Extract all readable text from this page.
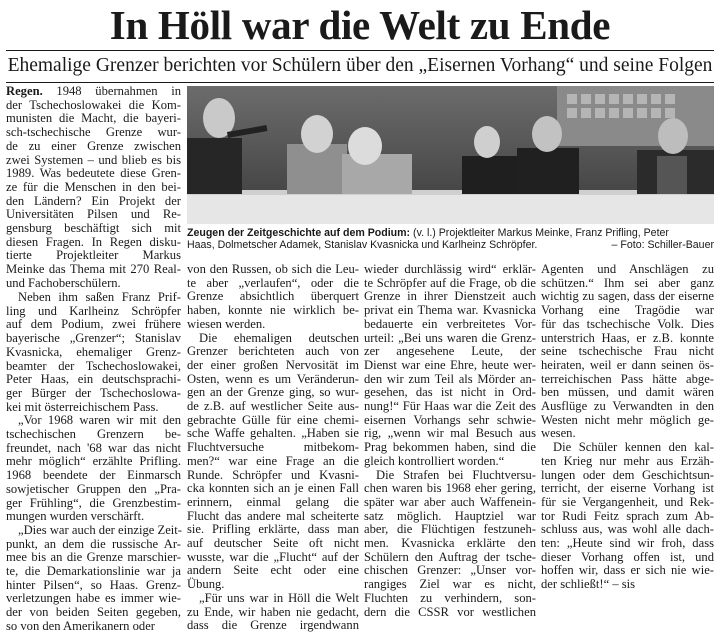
In Höll war die Welt zu Ende
Ehemalige Grenzer berichten vor Schülern über den „Eisernen Vorhang“ und seine Folgen
Zeugen der Zeitgeschichte auf dem Podium: (v. l.) Projektleiter Markus Meinke, Franz Prifling, Peter
Haas, Dolmetscher Adamek, Stanislav Kvasnicka und Karlheinz Schröpfer.	– Foto: Schiller-Bauer
Regen. 1948 übernahmen in
der Tschechoslowakei die Kom-
munisten die Macht, die bayeri-
sch-tschechische Grenze wur-
de zu einer Grenze zwischen
zwei Systemen – und blieb es bis
1989. Was bedeutete diese Gren-
ze für die Menschen in den bei-
den Ländern? Ein Projekt der
Universitäten Pilsen und Re-
gensburg beschäftigt sich mit
diesen Fragen. In Regen disku-
tierte Projektleiter Markus
Meinke das Thema mit 270 Real-
und Fachoberschülern.
Neben ihm saßen Franz Prif-
ling und Karlheinz Schröpfer
auf dem Podium, zwei frühere
bayerische „Grenzer“; Stanislav
Kvasnicka, ehemaliger Grenz-
beamter der Tschechoslowakei,
Peter Haas, ein deutschsprachi-
ger Bürger der Tschechoslowa-
kei mit österreichischem Pass.
„Vor 1968 waren wir mit den
tschechischen Grenzern be-
freundet, nach '68 war das nicht
mehr möglich“ erzählte Prifling.
1968 beendete der Einmarsch
sowjetischer Gruppen den „Pra-
ger Frühling“, die Grenzbestim-
mungen wurden verschärft.
„Dies war auch der einzige Zeit-
punkt, an dem die russische Ar-
mee bis an die Grenze marschier-
te, die Demarkationslinie war ja
hinter Pilsen“, so Haas. Grenz-
verletzungen habe es immer wie-
der von beiden Seiten gegeben,
so von den Amerikanern oder
von den Russen, ob sich die Leu-
te aber „verlaufen“, oder die
Grenze absichtlich überquert
haben, konnte nie wirklich be-
wiesen werden.
Die ehemaligen deutschen
Grenzer berichteten auch von
der einer großen Nervosität im
Osten, wenn es um Veränderun-
gen an der Grenze ging, so wur-
de z.B. auf westlicher Seite aus-
gebrachte Gülle für eine chemi-
sche Waffe gehalten. „Haben sie
Fluchtversuche mitbekom-
men?“ war eine Frage an die
Runde. Schröpfer und Kvasni-
cka konnten sich an je einen Fall
erinnern, einmal gelang die
Flucht das andere mal scheiterte
sie. Prifling erklärte, dass man
auf deutscher Seite oft nicht
wusste, war die „Flucht“ auf der
andern Seite echt oder eine
Übung.
„Für uns war in Höll die Welt
zu Ende, wir haben nie gedacht,
dass die Grenze irgendwann
wieder durchlässig wird“ erklär-
te Schröpfer auf die Frage, ob die
Grenze in ihrer Dienstzeit auch
privat ein Thema war. Kvasnicka
bedauerte ein verbreitetes Vor-
urteil: „Bei uns waren die Grenz-
zer angesehene Leute, der
Dienst war eine Ehre, heute wer-
den wir zum Teil als Mörder an-
gesehen, das ist nicht in Ord-
nung!“ Für Haas war die Zeit des
eisernen Vorhangs sehr schwie-
rig, „wenn wir mal Besuch aus
Prag bekommen haben, sind die
gleich kontrolliert worden.“
Die Strafen bei Fluchtversu-
chen waren bis 1968 eher gering,
später war aber auch Waffenein-
satz möglich. Hauptziel war
aber, die Flüchtigen festzuneh-
men. Kvasnicka erklärte den
Schülern den Auftrag der tsche-
chischen Grenzer: „Unser vor-
rangiges Ziel war es nicht,
Fluchten zu verhindern, son-
dern die CSSR vor westlichen
Agenten und Anschlägen zu
schützen.“ Ihm sei aber ganz
wichtig zu sagen, dass der eiserne
Vorhang eine Tragödie war
für das tschechische Volk. Dies
unterstrich Haas, er z.B. konnte
seine tschechische Frau nicht
heiraten, weil er dann seinen ös-
terreichischen Pass hätte abge-
ben müssen, und damit wären
Ausflüge zu Verwandten in den
Westen nicht mehr möglich ge-
wesen.
Die Schüler kennen den kal-
ten Krieg nur mehr aus Erzäh-
lungen oder dem Geschichtsun-
terricht, der eiserne Vorhang ist
für sie Vergangenheit, und Rek-
tor Rudi Feitz sprach zum Ab-
schluss aus, was wohl alle dach-
ten: „Heute sind wir froh, dass
dieser Vorhang offen ist, und
hoffen wir, dass er sich nie wie-
der schließt!“ – sis
